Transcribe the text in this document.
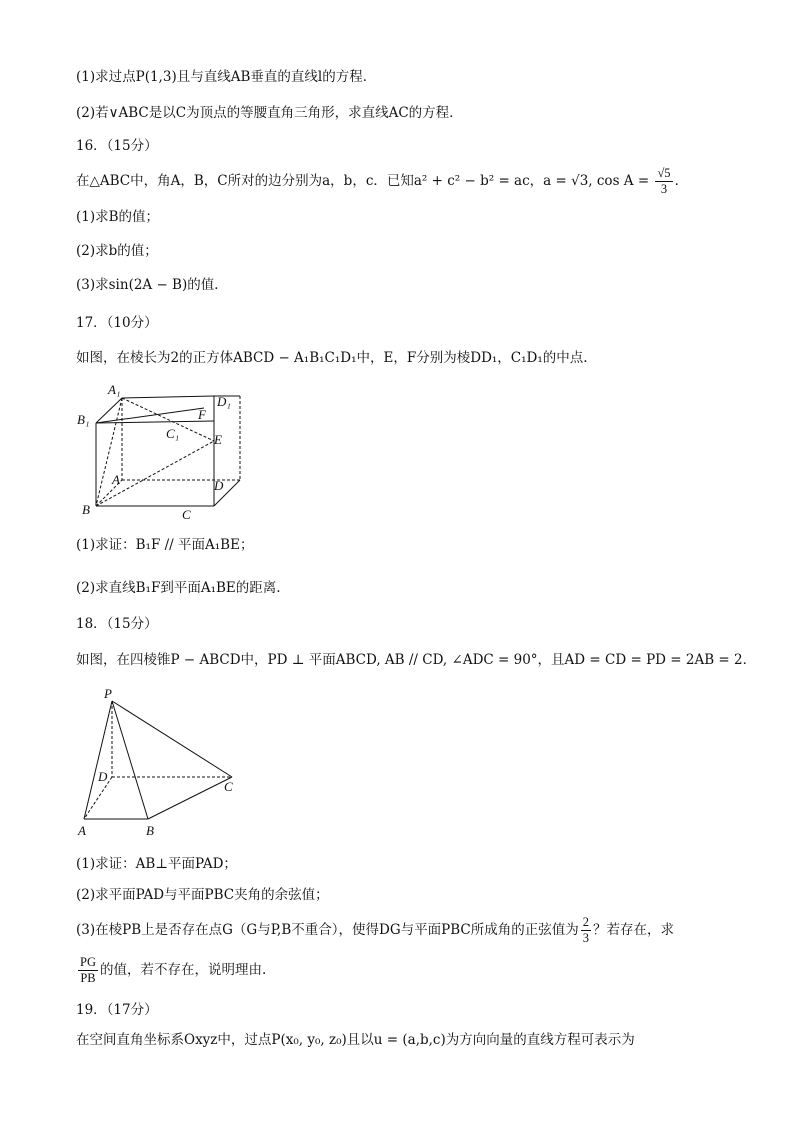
(1)求过点P(1,3)且与直线AB垂直的直线l的方程．
(2)若∨ABC是以C为顶点的等腰直角三角形，求直线AC的方程．
16．（15分）
在△ABC中，角A，B，C所对的边分别为a，b，c．已知a² + c² − b² = ac，a = √3, $\cos A = \frac{√5}{3}$ ．
(1)求B的值；
(2)求b的值；
(3)求sin(2A − B)的值．
17．（10分）
如图，在棱长为2的正方体ABCD − A₁B₁C₁D₁中，E，F分别为棱DD₁，C₁D₁的中点.
A₁
B₁
C₁
D₁
F
E
A	D
B	C
(1)求证：B₁F // 平面A₁BE；
(2)求直线B₁F到平面A₁BE的距离.
18．（15分）
如图，在四棱锥P − ABCD中，PD ⊥ 平面ABCD, AB // CD, ∠ADC = 90°，且AD = CD = PD = 2AB = 2．
P
D
C
A	B
(1)求证：AB⊥平面PAD；
(2)求平面PAD与平面PBC夹角的余弦值；
(3)在棱PB上是否存在点G（G与P,B不重合），使得DG与平面PBC所成角的正弦值为 $\frac{2}{3}$ ？若存在，求
$\frac{PG}{PB}$ 的值，若不存在，说明理由.
19．（17分）
在空间直角坐标系Oxyz中，过点P(x₀, y₀, z₀)且以u = (a,b,c)为方向向量的直线方程可表示为
